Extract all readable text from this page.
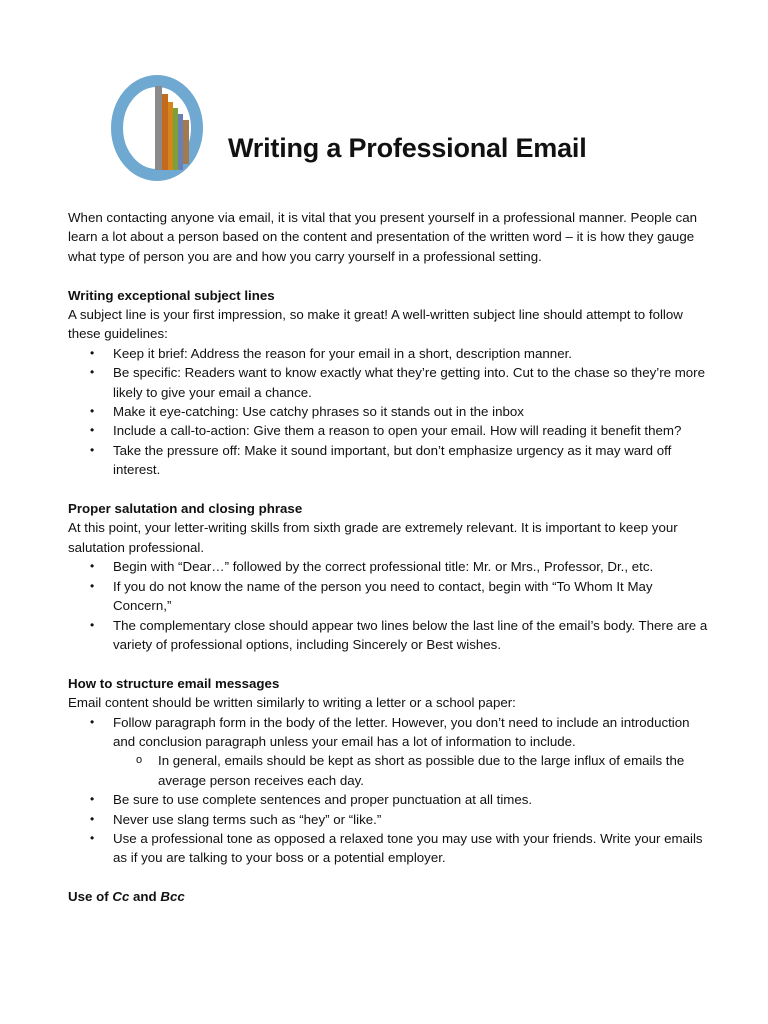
Writing a Professional Email

When contacting anyone via email, it is vital that you present yourself in a professional manner. People can learn a lot about a person based on the content and presentation of the written word – it is how they gauge what type of person you are and how you carry yourself in a professional setting.

Writing exceptional subject lines

A subject line is your first impression, so make it great! A well-written subject line should attempt to follow these guidelines:

• Keep it brief: Address the reason for your email in a short, description manner.
• Be specific: Readers want to know exactly what they’re getting into. Cut to the chase so they’re more likely to give your email a chance.
• Make it eye-catching: Use catchy phrases so it stands out in the inbox
• Include a call-to-action: Give them a reason to open your email. How will reading it benefit them?
• Take the pressure off: Make it sound important, but don’t emphasize urgency as it may ward off interest.

Proper salutation and closing phrase

At this point, your letter-writing skills from sixth grade are extremely relevant. It is important to keep your salutation professional.

• Begin with “Dear…” followed by the correct professional title: Mr. or Mrs., Professor, Dr., etc.
• If you do not know the name of the person you need to contact, begin with “To Whom It May Concern,”
• The complementary close should appear two lines below the last line of the email’s body. There are a variety of professional options, including Sincerely or Best wishes.

How to structure email messages

Email content should be written similarly to writing a letter or a school paper:

• Follow paragraph form in the body of the letter. However, you don’t need to include an introduction and conclusion paragraph unless your email has a lot of information to include.
o	In general, emails should be kept as short as possible due to the large influx of emails the average person receives each day.
• Be sure to use complete sentences and proper punctuation at all times.
• Never use slang terms such as “hey” or “like.”
• Use a professional tone as opposed a relaxed tone you may use with your friends. Write your emails as if you are talking to your boss or a potential employer.

Use of Cc and Bcc
